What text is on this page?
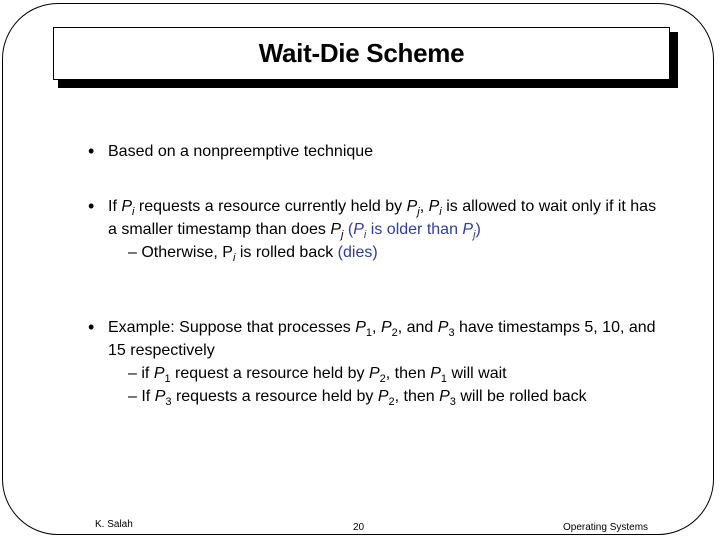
Wait-Die Scheme
• Based on a nonpreemptive technique
• If $P_i$ requests a resource currently held by $P_j$, $P_i$ is allowed to wait only if it has a smaller timestamp than does $P_j$ ($P_i$ is older than $P_j$)
– Otherwise, $P_i$ is rolled back (dies)
• Example: Suppose that processes $P_1$, $P_2$, and $P_3$ have timestamps 5, 10, and 15 respectively
– if $P_1$ request a resource held by $P_2$, then $P_1$ will wait
– If $P_3$ requests a resource held by $P_2$, then $P_3$ will be rolled back
K. Salah	20	Operating Systems
